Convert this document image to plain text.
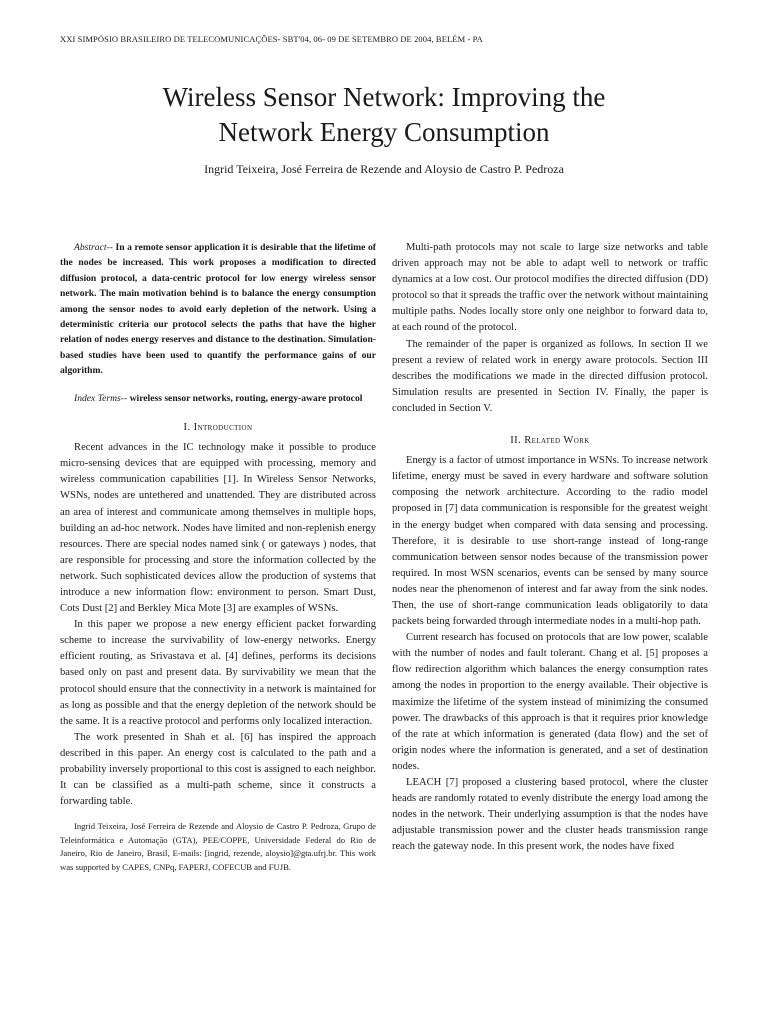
XXI SIMPÓSIO BRASILEIRO DE TELECOMUNICAÇÕES- SBT'04, 06- 09 DE SETEMBRO DE 2004, BELÉM - PA
Wireless Sensor Network: Improving the
Network Energy Consumption
Ingrid Teixeira, José Ferreira de Rezende and Aloysio de Castro P. Pedroza

Abstract-- In a remote sensor application it is desirable that the lifetime of the nodes be increased. This work proposes a modification to directed diffusion protocol, a data-centric protocol for low energy wireless sensor network. The main motivation behind is to balance the energy consumption among the sensor nodes to avoid early depletion of the network. Using a deterministic criteria our protocol selects the paths that have the higher relation of nodes energy reserves and distance to the destination. Simulation-based studies have been used to quantify the performance gains of our algorithm.

Index Terms-- wireless sensor networks, routing, energy-aware protocol

I. Introduction

Recent advances in the IC technology make it possible to produce micro-sensing devices that are equipped with processing, memory and wireless communication capabilities [1]. In Wireless Sensor Networks, WSNs, nodes are untethered and unattended. They are distributed across an area of interest and communicate among themselves in multiple hops, building an ad-hoc network. Nodes have limited and non-replenish energy resources. There are special nodes named sink ( or gateways ) nodes, that are responsible for processing and store the information collected by the network. Such sophisticated devices allow the production of systems that introduce a new information flow: environment to person. Smart Dust, Cots Dust [2] and Berkley Mica Mote [3] are examples of WSNs.

In this paper we propose a new energy efficient packet forwarding scheme to increase the survivability of low-energy networks. Energy efficient routing, as Srivastava et al. [4] defines, performs its decisions based only on past and present data. By survivability we mean that the protocol should ensure that the connectivity in a network is maintained for as long as possible and that the energy depletion of the network should be the same. It is a reactive protocol and performs only localized interaction.

The work presented in Shah et al. [6] has inspired the approach described in this paper. An energy cost is calculated to the path and a probability inversely proportional to this cost is assigned to each neighbor. It can be classified as a multi-path scheme, since it constructs a forwarding table.

Ingrid Teixeira, José Ferreira de Rezende and Aloysio de Castro P. Pedroza, Grupo de Teleinformática e Automação (GTA), PEE/COPPE, Universidade Federal do Rio de Janeiro, Rio de Janeiro, Brasil, E-mails: [ingrid, rezende, aloysio]@gta.ufrj.br. This work was supported by CAPES, CNPq, FAPERJ, COFECUB and FUJB.

Multi-path protocols may not scale to large size networks and table driven approach may not be able to adapt well to network or traffic dynamics at a low cost. Our protocol modifies the directed diffusion (DD) protocol so that it spreads the traffic over the network without maintaining multiple paths. Nodes locally store only one neighbor to forward data to, at each round of the protocol.

The remainder of the paper is organized as follows. In section II we present a review of related work in energy aware protocols. Section III describes the modifications we made in the directed diffusion protocol. Simulation results are presented in Section IV. Finally, the paper is concluded in Section V.

II. Related Work

Energy is a factor of utmost importance in WSNs. To increase network lifetime, energy must be saved in every hardware and software solution composing the network architecture. According to the radio model proposed in [7] data communication is responsible for the greatest weight in the energy budget when compared with data sensing and processing. Therefore, it is desirable to use short-range instead of long-range communication between sensor nodes because of the transmission power required. In most WSN scenarios, events can be sensed by many source nodes near the phenomenon of interest and far away from the sink nodes. Then, the use of short-range communication leads obligatorily to data packets being forwarded through intermediate nodes in a multi-hop path.

Current research has focused on protocols that are low power, scalable with the number of nodes and fault tolerant. Chang et al. [5] proposes a flow redirection algorithm which balances the energy consumption rates among the nodes in proportion to the energy available. Their objective is maximize the lifetime of the system instead of minimizing the consumed power. The drawbacks of this approach is that it requires prior knowledge of the rate at which information is generated (data flow) and the set of origin nodes where the information is generated, and a set of destination nodes.

LEACH [7] proposed a clustering based protocol, where the cluster heads are randomly rotated to evenly distribute the energy load among the nodes in the network. Their underlying assumption is that the nodes have adjustable transmission power and the cluster heads transmission range reach the gateway node. In this present work, the nodes have fixed
